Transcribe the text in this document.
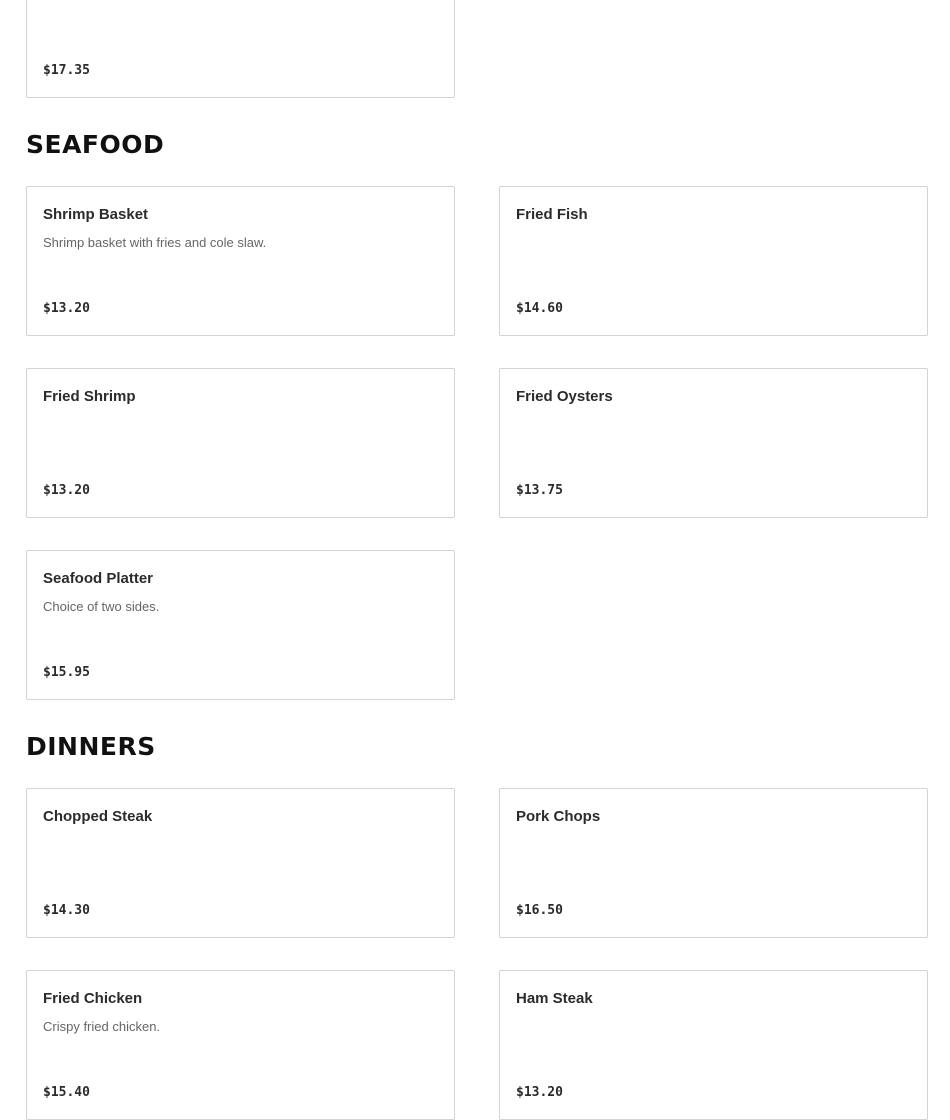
$17.35
SEAFOOD
Shrimp Basket
Shrimp basket with fries and cole slaw.
$13.20
Fried Fish
$14.60
Fried Shrimp
$13.20
Fried Oysters
$13.75
Seafood Platter
Choice of two sides.
$15.95
DINNERS
Chopped Steak
$14.30
Pork Chops
$16.50
Fried Chicken
Crispy fried chicken.
$15.40
Ham Steak
$13.20
